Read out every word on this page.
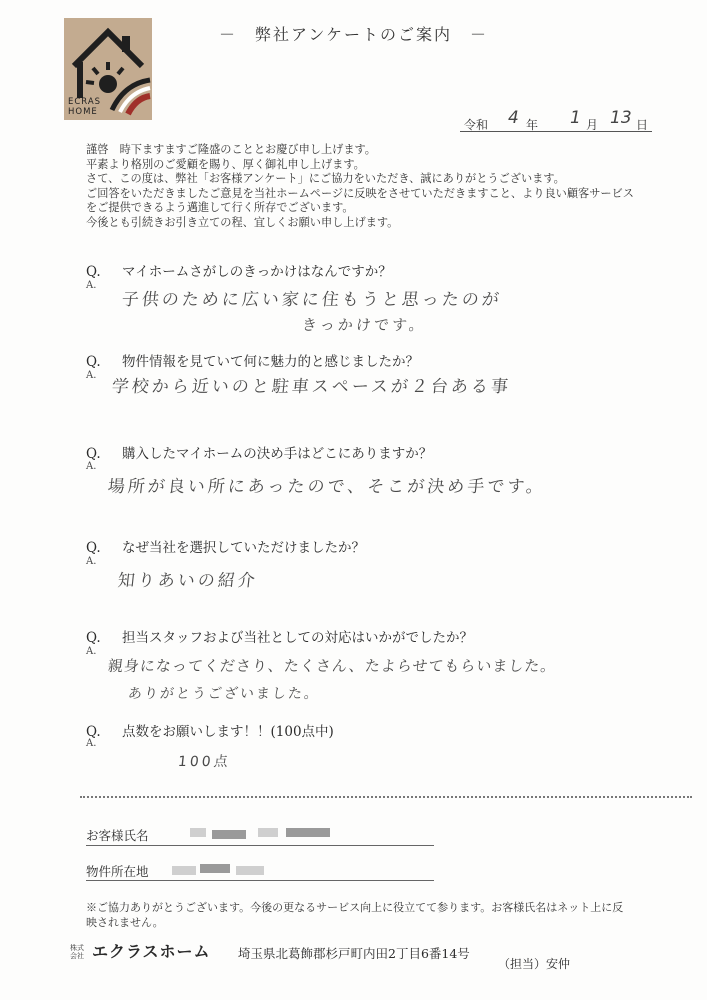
ECRAS
HOME
－　弊社アンケートのご案内　－
令和 4 年 1 月 13 日
謹啓　時下ますますご隆盛のこととお慶び申し上げます。
平素より格別のご愛顧を賜り、厚く御礼申し上げます。
さて、この度は、弊社「お客様アンケート」にご協力をいただき、誠にありがとうございます。
ご回答をいただきましたご意見を当社ホームページに反映をさせていただきますこと、より良い顧客サービス
をご提供できるよう邁進して行く所存でございます。
今後とも引続きお引き立ての程、宜しくお願い申し上げます。
Q. マイホームさがしのきっかけはなんですか？
A.
子供のために広い家に住もうと思ったのが
きっかけです。
Q. 物件情報を見ていて何に魅力的と感じましたか？
A.
学校から近いのと駐車スペースが２台ある事
Q. 購入したマイホームの決め手はどこにありますか？
A.
場所が良い所にあったので、そこが決め手です。
Q. なぜ当社を選択していただけましたか？
A.
知りあいの紹介
Q. 担当スタッフおよび当社としての対応はいかがでしたか？
A.
親身になってくださり、たくさん、たよらせてもらいました。
ありがとうございました。
Q. 点数をお願いします！！(100点中)
A.
100点
お客様氏名
物件所在地
※ご協力ありがとうございます。今後の更なるサービス向上に役立てて参ります。お客様氏名はネット上に反
映されません。
株式会社 エクラスホーム 埼玉県北葛飾郡杉戸町内田2丁目6番14号
（担当）安仲
